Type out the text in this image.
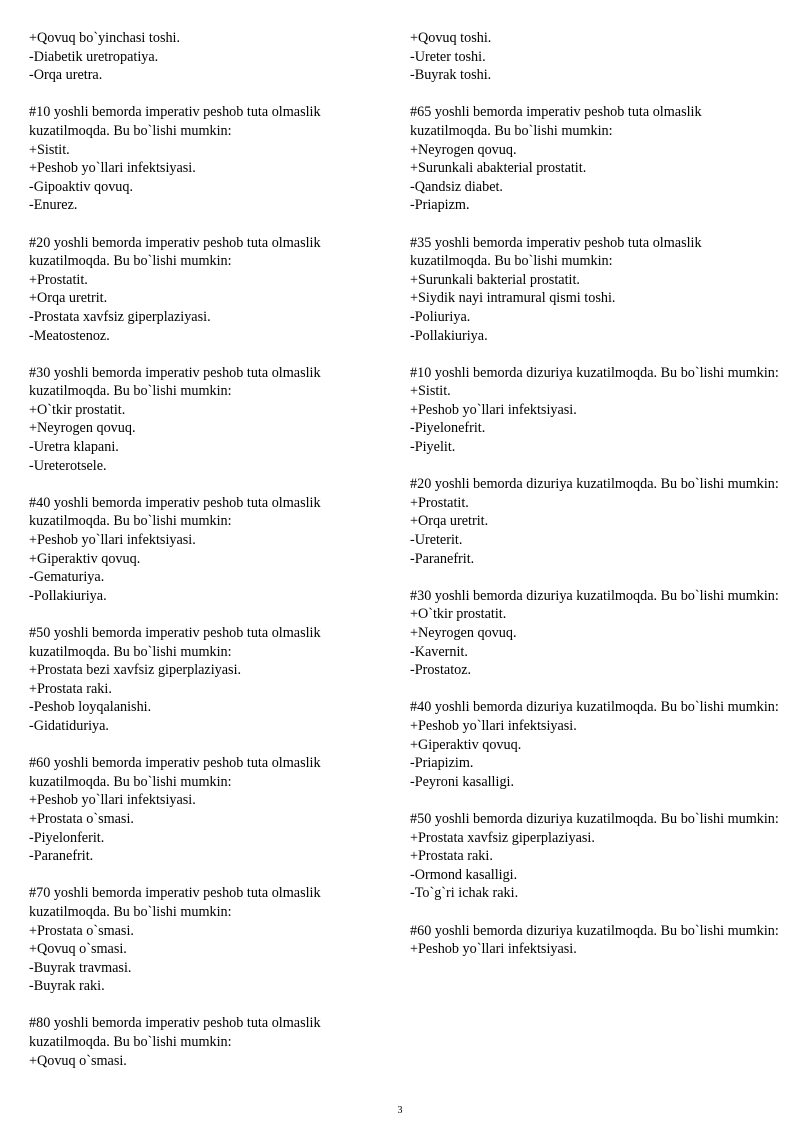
+Qovuq bo`yinchasi toshi.
-Diabetik uretropatiya.
-Orqa uretra.
#10 yoshli bemorda imperativ peshob tuta olmaslik kuzatilmoqda. Bu bo`lishi mumkin:
+Sistit.
+Peshob yo`llari infektsiyasi.
-Gipoaktiv qovuq.
-Enurez.
#20 yoshli bemorda imperativ peshob tuta olmaslik kuzatilmoqda. Bu bo`lishi mumkin:
+Prostatit.
+Orqa uretrit.
-Prostata xavfsiz giperplaziyasi.
-Meatostenoz.
#30 yoshli bemorda imperativ peshob tuta olmaslik kuzatilmoqda. Bu bo`lishi mumkin:
+O`tkir prostatit.
+Neyrogen qovuq.
-Uretra klapani.
-Ureterotsele.
#40 yoshli bemorda imperativ peshob tuta olmaslik kuzatilmoqda. Bu bo`lishi mumkin:
+Peshob yo`llari infektsiyasi.
+Giperaktiv qovuq.
-Gematuriya.
-Pollakiuriya.
#50 yoshli bemorda imperativ peshob tuta olmaslik kuzatilmoqda. Bu bo`lishi mumkin:
+Prostata bezi xavfsiz giperplaziyasi.
+Prostata raki.
-Peshob loyqalanishi.
-Gidatiduriya.
#60 yoshli bemorda imperativ peshob tuta olmaslik kuzatilmoqda. Bu bo`lishi mumkin:
+Peshob yo`llari infektsiyasi.
+Prostata o`smasi.
-Piyelonferit.
-Paranefrit.
#70 yoshli bemorda imperativ peshob tuta olmaslik kuzatilmoqda. Bu bo`lishi mumkin:
+Prostata o`smasi.
+Qovuq o`smasi.
-Buyrak travmasi.
-Buyrak raki.
#80 yoshli bemorda imperativ peshob tuta olmaslik kuzatilmoqda. Bu bo`lishi mumkin:
+Qovuq o`smasi.
+Qovuq toshi.
-Ureter toshi.
-Buyrak toshi.
#65 yoshli bemorda imperativ peshob tuta olmaslik kuzatilmoqda. Bu bo`lishi mumkin:
+Neyrogen qovuq.
+Surunkali abakterial prostatit.
-Qandsiz diabet.
-Priapizm.
#35 yoshli bemorda imperativ peshob tuta olmaslik kuzatilmoqda. Bu bo`lishi mumkin:
+Surunkali bakterial prostatit.
+Siydik nayi intramural qismi toshi.
-Poliuriya.
-Pollakiuriya.
#10 yoshli bemorda dizuriya kuzatilmoqda. Bu bo`lishi mumkin:
+Sistit.
+Peshob yo`llari infektsiyasi.
-Piyelonefrit.
-Piyelit.
#20 yoshli bemorda dizuriya kuzatilmoqda. Bu bo`lishi mumkin:
+Prostatit.
+Orqa uretrit.
-Ureterit.
-Paranefrit.
#30 yoshli bemorda dizuriya kuzatilmoqda. Bu bo`lishi mumkin:
+O`tkir prostatit.
+Neyrogen qovuq.
-Kavernit.
-Prostatoz.
#40 yoshli bemorda dizuriya kuzatilmoqda. Bu bo`lishi mumkin:
+Peshob yo`llari infektsiyasi.
+Giperaktiv qovuq.
-Priapizim.
-Peyroni kasalligi.
#50 yoshli bemorda dizuriya kuzatilmoqda. Bu bo`lishi mumkin:
+Prostata xavfsiz giperplaziyasi.
+Prostata raki.
-Ormond kasalligi.
-To`g`ri ichak raki.
#60 yoshli bemorda dizuriya kuzatilmoqda. Bu bo`lishi mumkin:
+Peshob yo`llari infektsiyasi.
3
